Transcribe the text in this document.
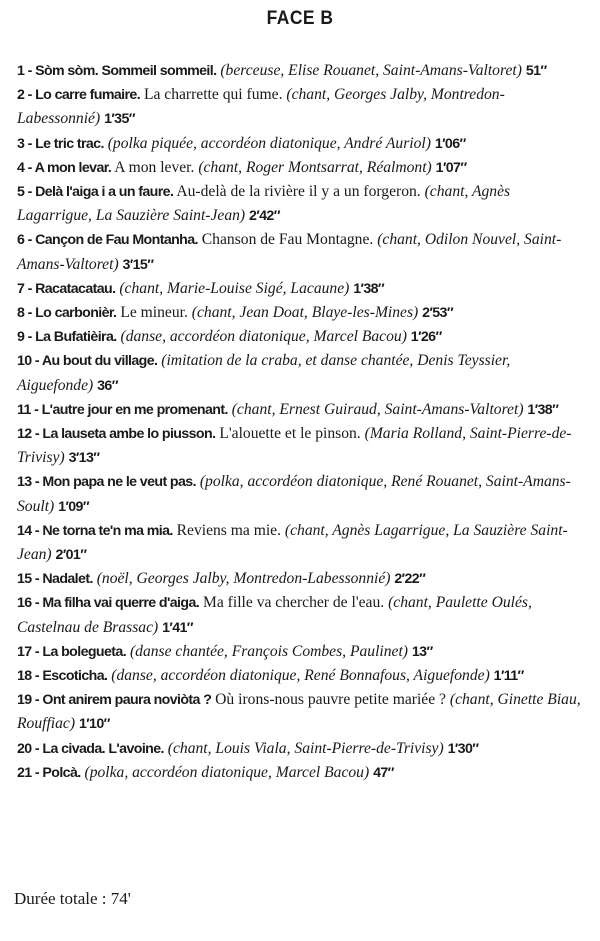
FACE B

1 - Sòm sòm. Sommeil sommeil. (berceuse, Elise Rouanet, Saint-Amans-Valtoret) 51″

2 - Lo carre fumaire. La charrette qui fume. (chant, Georges Jalby, Montredon-Labessonnié) 1′35″

3 - Le tric trac. (polka piquée, accordéon diatonique, André Auriol) 1′06″

4 - A mon levar. A mon lever. (chant, Roger Montsarrat, Réalmont) 1′07″

5 - Delà l'aiga i a un faure. Au-delà de la rivière il y a un forgeron. (chant, Agnès Lagarrigue, La Sauzière Saint-Jean) 2′42″

6 - Cançon de Fau Montanha. Chanson de Fau Montagne. (chant, Odilon Nouvel, Saint-Amans-Valtoret) 3′15″

7 - Racatacatau. (chant, Marie-Louise Sigé, Lacaune) 1′38″

8 - Lo carbonièr. Le mineur. (chant, Jean Doat, Blaye-les-Mines) 2′53″

9 - La Bufatièira. (danse, accordéon diatonique, Marcel Bacou) 1′26″

10 - Au bout du village. (imitation de la craba, et danse chantée, Denis Teyssier, Aiguefonde) 36″

11 - L'autre jour en me promenant. (chant, Ernest Guiraud, Saint-Amans-Valtoret) 1′38″

12 - La lauseta ambe lo piusson. L'alouette et le pinson. (Maria Rolland, Saint-Pierre-de-Trivisy) 3′13″

13 - Mon papa ne le veut pas. (polka, accordéon diatonique, René Rouanet, Saint-Amans-Soult) 1′09″

14 - Ne torna te'n ma mia. Reviens ma mie. (chant, Agnès Lagarrigue, La Sauzière Saint-Jean) 2′01″

15 - Nadalet. (noël, Georges Jalby, Montredon-Labessonnié) 2′22″

16 - Ma filha vai querre d'aiga. Ma fille va chercher de l'eau. (chant, Paulette Oulés, Castelnau de Brassac) 1′41″

17 - La bolegueta. (danse chantée, François Combes, Paulinet) 13″

18 - Escoticha. (danse, accordéon diatonique, René Bonnafous, Aiguefonde) 1′11″

19 - Ont anirem paura noviòta ? Où irons-nous pauvre petite mariée ? (chant, Ginette Biau, Rouffiac) 1′10″

20 - La civada. L'avoine. (chant, Louis Viala, Saint-Pierre-de-Trivisy) 1′30″

21 - Polcà. (polka, accordéon diatonique, Marcel Bacou) 47″

Durée totale : 74'
